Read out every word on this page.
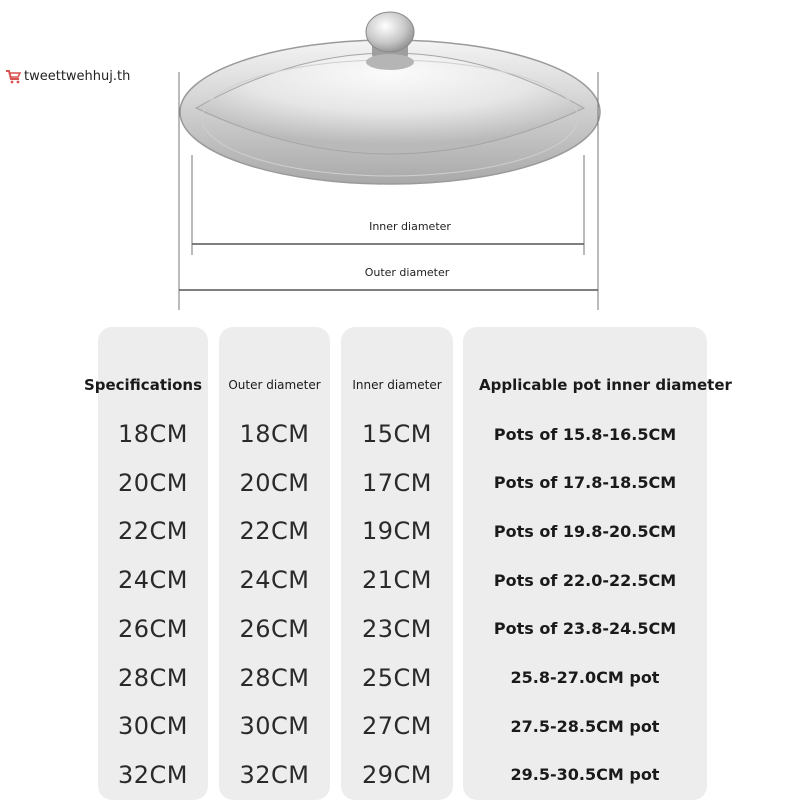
tweettwehhuj.th
Inner diameter
Outer diameter
Specifications	Outer diameter	Inner diameter	Applicable pot inner diameter
18CM	18CM	15CM	Pots of 15.8-16.5CM
20CM	20CM	17CM	Pots of 17.8-18.5CM
22CM	22CM	19CM	Pots of 19.8-20.5CM
24CM	24CM	21CM	Pots of 22.0-22.5CM
26CM	26CM	23CM	Pots of 23.8-24.5CM
28CM	28CM	25CM	25.8-27.0CM pot
30CM	30CM	27CM	27.5-28.5CM pot
32CM	32CM	29CM	29.5-30.5CM pot
